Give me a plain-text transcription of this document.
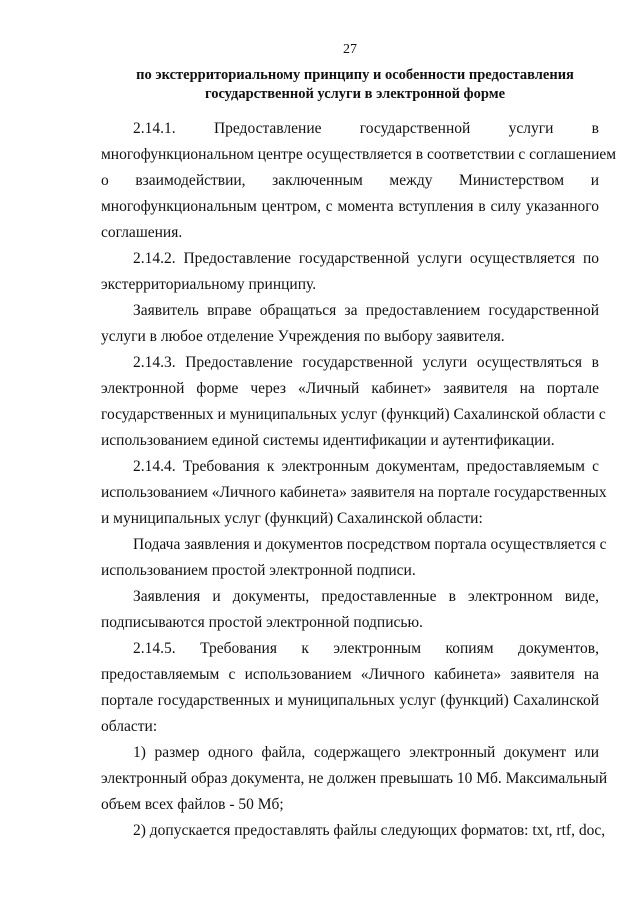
27
по экстерриториальному принципу и особенности предоставления
государственной услуги в электронной форме
2.14.1. Предоставление государственной услуги в
многофункциональном центре осуществляется в соответствии с соглашением
о взаимодействии, заключенным между Министерством и
многофункциональным центром, с момента вступления в силу указанного
соглашения.
2.14.2. Предоставление государственной услуги осуществляется по
экстерриториальному принципу.
Заявитель вправе обращаться за предоставлением государственной
услуги в любое отделение Учреждения по выбору заявителя.
2.14.3. Предоставление государственной услуги осуществляться в
электронной форме через «Личный кабинет» заявителя на портале
государственных и муниципальных услуг (функций) Сахалинской области с
использованием единой системы идентификации и аутентификации.
2.14.4. Требования к электронным документам, предоставляемым с
использованием «Личного кабинета» заявителя на портале государственных
и муниципальных услуг (функций) Сахалинской области:
Подача заявления и документов посредством портала осуществляется с
использованием простой электронной подписи.
Заявления и документы, предоставленные в электронном виде,
подписываются простой электронной подписью.
2.14.5. Требования к электронным копиям документов,
предоставляемым с использованием «Личного кабинета» заявителя на
портале государственных и муниципальных услуг (функций) Сахалинской
области:
1) размер одного файла, содержащего электронный документ или
электронный образ документа, не должен превышать 10 Мб. Максимальный
объем всех файлов - 50 Мб;
2) допускается предоставлять файлы следующих форматов: txt, rtf, doc,
